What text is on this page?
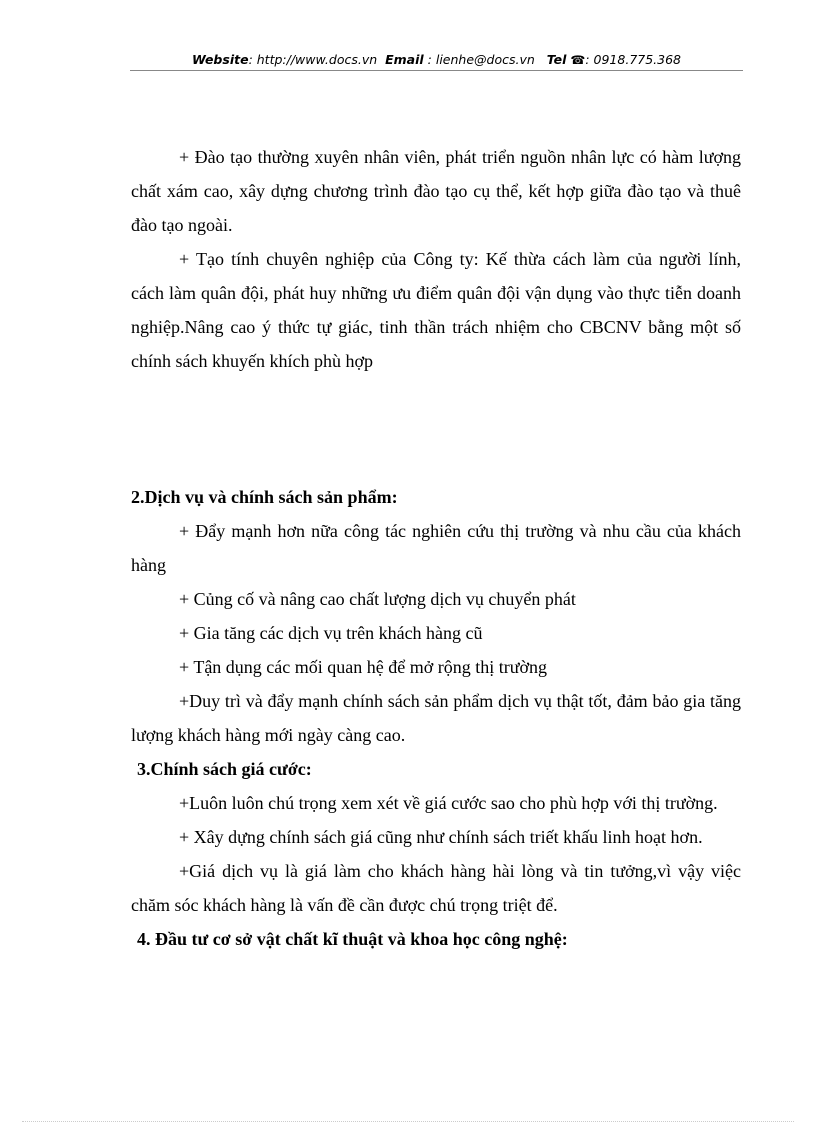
Website: http://www.docs.vn Email : lienhe@docs.vn Tel ☎: 0918.775.368

+ Đào tạo thường xuyên nhân viên, phát triển nguồn nhân lực có hàm lượng chất xám cao, xây dựng chương trình đào tạo cụ thể, kết hợp giữa đào tạo và thuê đào tạo ngoài.

+ Tạo tính chuyên nghiệp của Công ty: Kế thừa cách làm của người lính, cách làm quân đội, phát huy những ưu điểm quân đội vận dụng vào thực tiễn doanh nghiệp.Nâng cao ý thức tự giác, tinh thần trách nhiệm cho CBCNV bằng một số chính sách khuyến khích phù hợp

2.Dịch vụ và chính sách sản phẩm:

+ Đẩy mạnh hơn nữa công tác nghiên cứu thị trường và nhu cầu của khách hàng

+ Củng cố và nâng cao chất lượng dịch vụ chuyển phát

+ Gia tăng các dịch vụ trên khách hàng cũ

+ Tận dụng các mối quan hệ để mở rộng thị trường

+Duy trì và đẩy mạnh chính sách sản phẩm dịch vụ thật tốt, đảm bảo gia tăng lượng khách hàng mới ngày càng cao.

3.Chính sách giá cước:

+Luôn luôn chú trọng xem xét về giá cước sao cho phù hợp với thị trường.

+ Xây dựng chính sách giá cũng như chính sách triết khấu linh hoạt hơn.

+Giá dịch vụ là giá làm cho khách hàng hài lòng và tin tưởng,vì vậy việc chăm sóc khách hàng là vấn đề cần được chú trọng triệt để.

4. Đầu tư cơ sở vật chất kĩ thuật và khoa học công nghệ:
